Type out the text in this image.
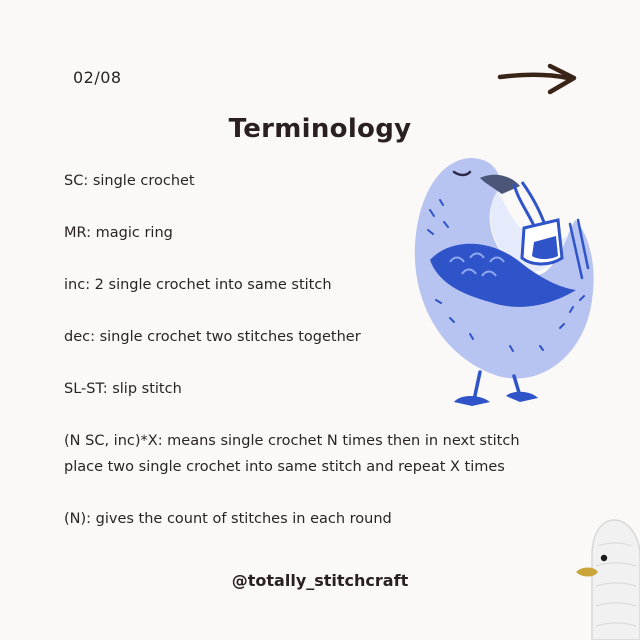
02/08
Terminology
SC: single crochet
MR: magic ring
inc: 2 single crochet into same stitch
dec: single crochet two stitches together
SL-ST: slip stitch
(N SC, inc)*X: means single crochet N times then in next stitch
place two single crochet into same stitch and repeat X times
(N): gives the count of stitches in each round
@totally_stitchcraft
